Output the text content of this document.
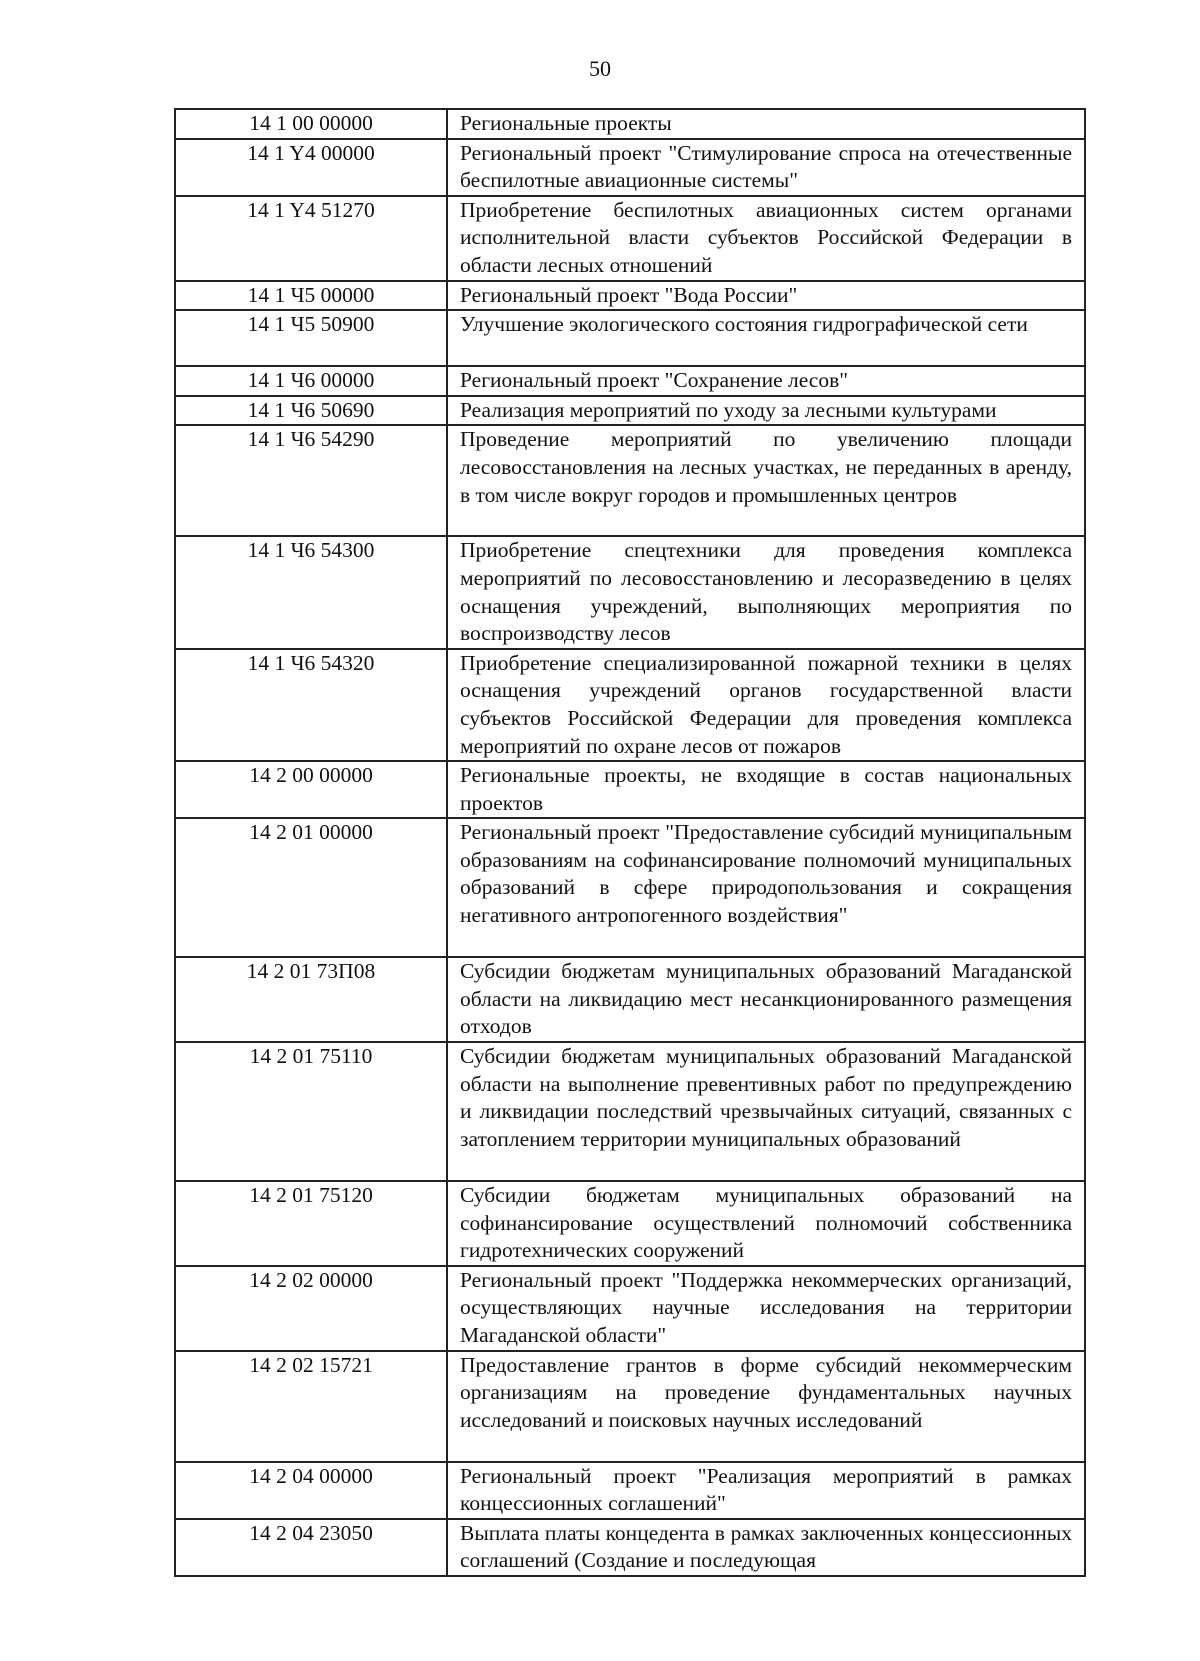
50
14 1 00 00000	Региональные проекты
14 1 Y4 00000	Региональный проект "Стимулирование спроса на отечественные беспилотные авиационные системы"
14 1 Y4 51270	Приобретение беспилотных авиационных систем органами исполнительной власти субъектов Российской Федерации в области лесных отношений
14 1 Ч5 00000	Региональный проект "Вода России"
14 1 Ч5 50900	Улучшение экологического состояния гидрографической сети
14 1 Ч6 00000	Региональный проект "Сохранение лесов"
14 1 Ч6 50690	Реализация мероприятий по уходу за лесными культурами
14 1 Ч6 54290	Проведение мероприятий по увеличению площади лесовосстановления на лесных участках, не переданных в аренду, в том числе вокруг городов и промышленных центров
14 1 Ч6 54300	Приобретение спецтехники для проведения комплекса мероприятий по лесовосстановлению и лесоразведению в целях оснащения учреждений, выполняющих мероприятия по воспроизводству лесов
14 1 Ч6 54320	Приобретение специализированной пожарной техники в целях оснащения учреждений органов государственной власти субъектов Российской Федерации для проведения комплекса мероприятий по охране лесов от пожаров
14 2 00 00000	Региональные проекты, не входящие в состав национальных проектов
14 2 01 00000	Региональный проект "Предоставление субсидий муниципальным образованиям на софинансирование полномочий муниципальных образований в сфере природопользования и сокращения негативного антропогенного воздействия"
14 2 01 73П08	Субсидии бюджетам муниципальных образований Магаданской области на ликвидацию мест несанкционированного размещения отходов
14 2 01 75110	Субсидии бюджетам муниципальных образований Магаданской области на выполнение превентивных работ по предупреждению и ликвидации последствий чрезвычайных ситуаций, связанных с затоплением территории муниципальных образований
14 2 01 75120	Субсидии бюджетам муниципальных образований на софинансирование осуществлений полномочий собственника гидротехнических сооружений
14 2 02 00000	Региональный проект "Поддержка некоммерческих организаций, осуществляющих научные исследования на территории Магаданской области"
14 2 02 15721	Предоставление грантов в форме субсидий некоммерческим организациям на проведение фундаментальных научных исследований и поисковых научных исследований
14 2 04 00000	Региональный проект "Реализация мероприятий в рамках концессионных соглашений"
14 2 04 23050	Выплата платы концедента в рамках заключенных концессионных соглашений (Создание и последующая
